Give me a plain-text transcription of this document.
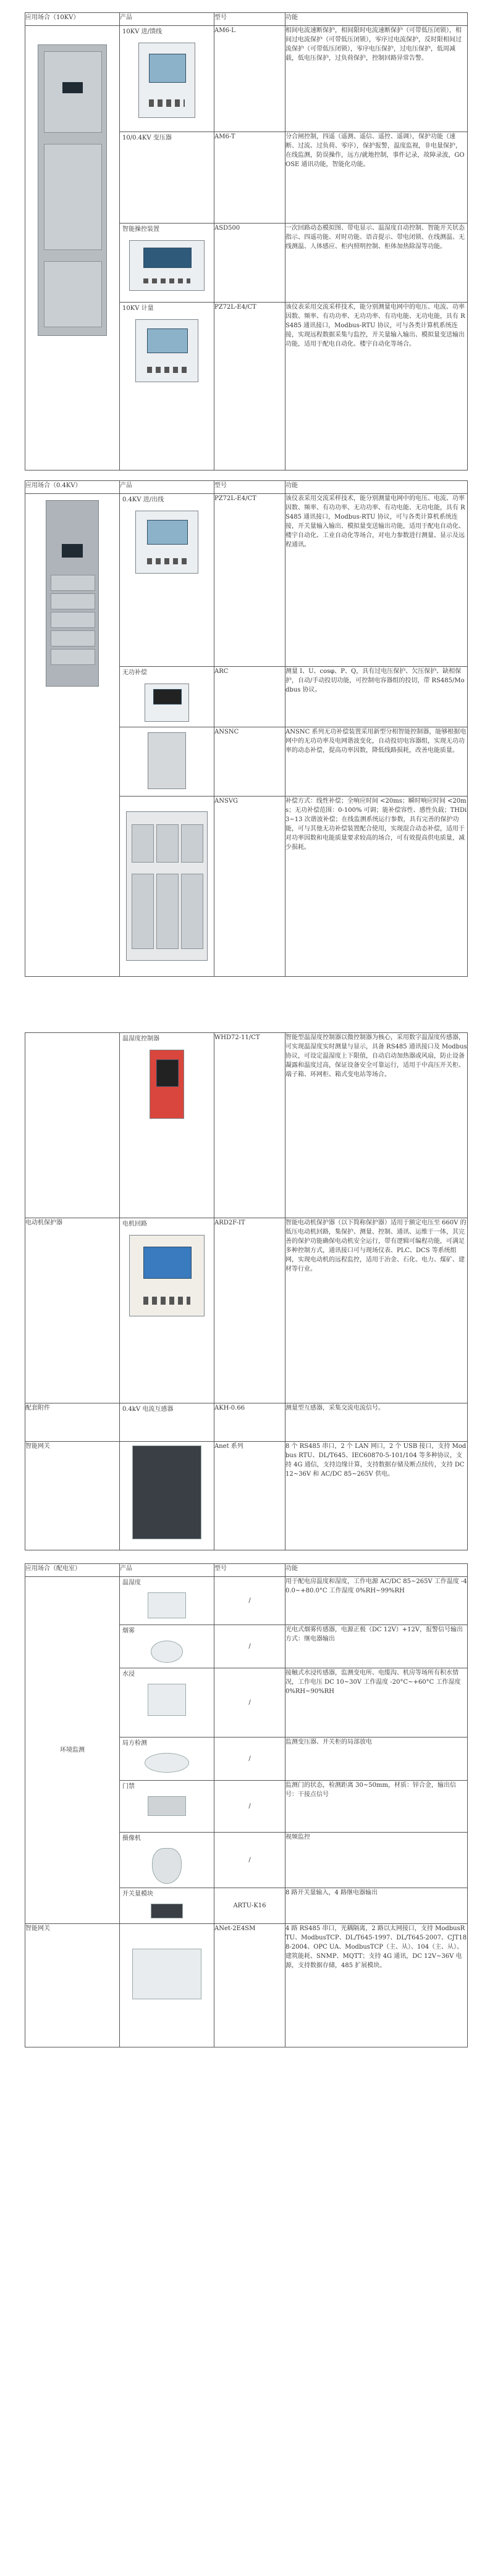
应用场合（10KV）	产品	型号	功能

	10KV 进/馈线	AM6-L	相间电流速断保护，相间限时电流速断保护（可带低压闭锁），相间过电流保护（可带低压闭锁），零序过电流保护，反时限相间过流保护（可带低压闭锁），零序电压保护，过电压保护，低周减载，低电压保护，过负荷保护，控制回路异常告警。

	10/0.4KV 变压器	AM6-T	分合闸控制，四遥（遥测、遥信、遥控、遥调），保护功能（速断、过流、过负荷、零序），保护报警，温度监视，非电量保护，在线监测，防误操作，远方/就地控制，事件记录，故障录波，GOOSE 通讯功能，智能化功能。

	智能操控装置	ASD500	一次回路动态模拟图、带电显示、温湿度自动控制、智能开关状态指示、四遥功能、对时功能、语音提示、带电闭锁、在线测温、无线测温、人体感应、柜内照明控制、柜体加热除湿等功能。

	10KV 计量	PZ72L-E4/CT	该仪表采用交流采样技术，能分别测量电网中的电压、电流、功率因数、频率、有功功率、无功功率、有功电能、无功电能，具有 RS485 通讯接口，Modbus-RTU 协议，可与各类计算机系统连接，实现远程数据采集与监控，开关量输入输出、模拟量变送输出功能，适用于配电自动化、楼宇自动化等场合。
应用场合（0.4KV）	产品	型号	功能

	0.4KV 进/出线	PZ72L-E4/CT	该仪表采用交流采样技术，能分别测量电网中的电压、电流、功率因数、频率、有功功率、无功功率、有功电能、无功电能，具有 RS485 通讯接口，Modbus-RTU 协议，可与各类计算机系统连接，开关量输入输出、模拟量变送输出功能，适用于配电自动化、楼宇自动化、工业自动化等场合，对电力参数进行测量、显示及远程通讯。

	无功补偿	ARC	测量 I、U、cosφ、P、Q，具有过电压保护、欠压保护、缺相保护，自动/手动投切功能，可控制电容器组的投切，带 RS485/Modbus 协议。

		ANSNC	ANSNC 系列无功补偿装置采用新型分相智能控制器，能够根据电网中的无功功率及电网谐波变化，自动投切电容器组，实现无功功率的动态补偿，提高功率因数，降低线路损耗，改善电能质量。

		ANSVG	补偿方式：线性补偿；全响应时间 <20ms；瞬时响应时间 <20ms；无功补偿范围：0-100% 可调；能补偿容性、感性负载；THDi 3~13 次谐波补偿；在线监测系统运行参数，具有完善的保护功能，可与其他无功补偿装置配合使用，实现混合动态补偿，适用于对功率因数和电能质量要求较高的场合，可有效提高供电质量，减少损耗。

	温湿度控制器	WHD72-11/CT	智能型温湿度控制器以微控制器为核心，采用数字温湿度传感器，可实现温湿度实时测量与显示，具备 RS485 通讯接口及 Modbus 协议，可设定温湿度上下限值，自动启动加热器或风扇，防止设备凝露和温度过高，保证设备安全可靠运行，适用于中高压开关柜、端子箱、环网柜、箱式变电站等场合。
电动机保护器	电机回路	ARD2F-IT	智能电动机保护器（以下简称保护器）适用于额定电压至 660V 的低压电动机回路，集保护、测量、控制、通讯、运维于一体，其完善的保护功能确保电动机安全运行，带有逻辑可编程功能，可满足多种控制方式，通讯接口可与现场仪表、PLC、DCS 等系统组网，实现电动机的远程监控，适用于冶金、石化、电力、煤矿、建材等行业。
配套附件	0.4kV 电流互感器	AKH-0.66	测量型互感器，采集交流电流信号。
智能网关		Anet 系列	8 个 RS485 串口，2 个 LAN 网口，2 个 USB 接口，支持 Modbus RTU、DL/T645、IEC60870-5-101/104 等多种协议，支持 4G 通信，支持边缘计算，支持数据存储及断点续传，支持 DC 12~36V 和 AC/DC 85~265V 供电。
应用场合（配电室）	产品	型号	功能
环境监测	温湿度	/	用于配电房温度和湿度，工作电源 AC/DC 85~265V 工作温度 -40.0~+80.0°C 工作湿度 0%RH~99%RH

	烟雾	/	光电式烟雾传感器，电源正极（DC 12V）+12V，报警信号输出方式：继电器输出

	水浸	/	接触式水浸传感器，监测变电所、电缆沟、机房等场所有积水情况，工作电压 DC 10~30V 工作温度 -20°C~+60°C 工作湿度 0%RH~90%RH

	局方检测	/	监测变压器、开关柜的局部放电

	门禁	/	监测门的状态，检测距离 30~50mm，材质：锌合金，输出信号：干接点信号

	摄像机	/	视频监控

	开关量模块	ARTU-K16	8 路开关量输入，4 路继电器输出
智能网关		ANet-2E4SM	4 路 RS485 串口，光耦隔离，2 路以太网接口，支持 ModbusRTU、ModbusTCP、DL/T645-1997、DL/T645-2007、CJT188-2004、OPC UA、ModbusTCP（主、从）、104（主、从）、建筑能耗、SNMP、MQTT；支持 4G 通讯，DC 12V~36V 电源，支持数据存储，485 扩展模块。
